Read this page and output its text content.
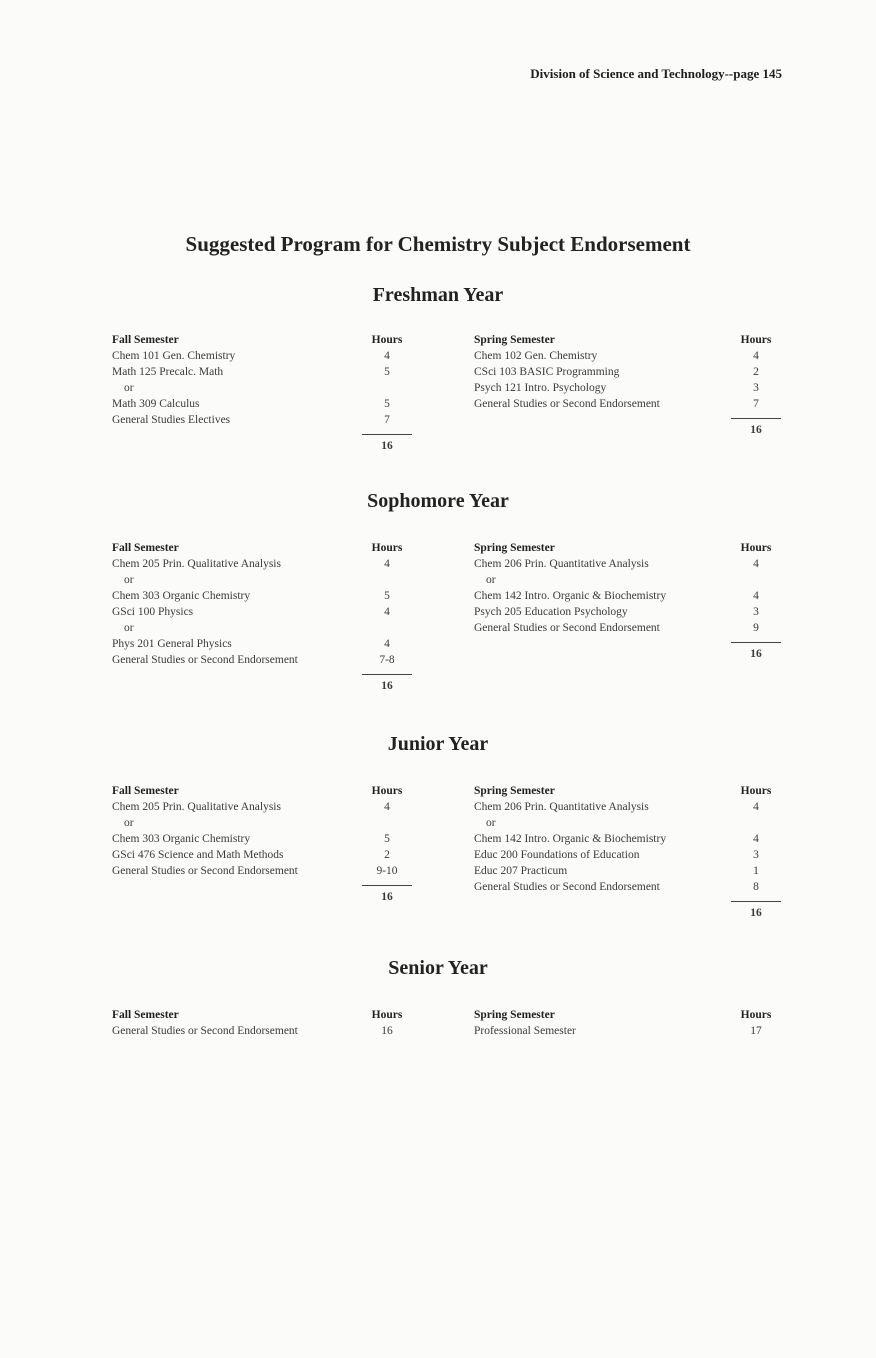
Division of Science and Technology--page 145
Suggested Program for Chemistry Subject Endorsement
Freshman Year
Fall Semester	Hours
Chem 101 Gen. Chemistry	4
Math 125 Precalc. Math	5
or
Math 309 Calculus	5
General Studies Electives	7
16
Spring Semester	Hours
Chem 102 Gen. Chemistry	4
CSci 103 BASIC Programming	2
Psych 121 Intro. Psychology	3
General Studies or Second Endorsement	7
16
Sophomore Year
Fall Semester	Hours
Chem 205 Prin. Qualitative Analysis	4
or
Chem 303 Organic Chemistry	5
GSci 100 Physics	4
or
Phys 201 General Physics	4
General Studies or Second Endorsement	7-8
16
Spring Semester	Hours
Chem 206 Prin. Quantitative Analysis	4
or
Chem 142 Intro. Organic & Biochemistry	4
Psych 205 Education Psychology	3
General Studies or Second Endorsement	9
16
Junior Year
Fall Semester	Hours
Chem 205 Prin. Qualitative Analysis	4
or
Chem 303 Organic Chemistry	5
GSci 476 Science and Math Methods	2
General Studies or Second Endorsement	9-10
16
Spring Semester	Hours
Chem 206 Prin. Quantitative Analysis	4
or
Chem 142 Intro. Organic & Biochemistry	4
Educ 200 Foundations of Education	3
Educ 207 Practicum	1
General Studies or Second Endorsement	8
16
Senior Year
Fall Semester	Hours
General Studies or Second Endorsement	16
Spring Semester	Hours
Professional Semester	17
